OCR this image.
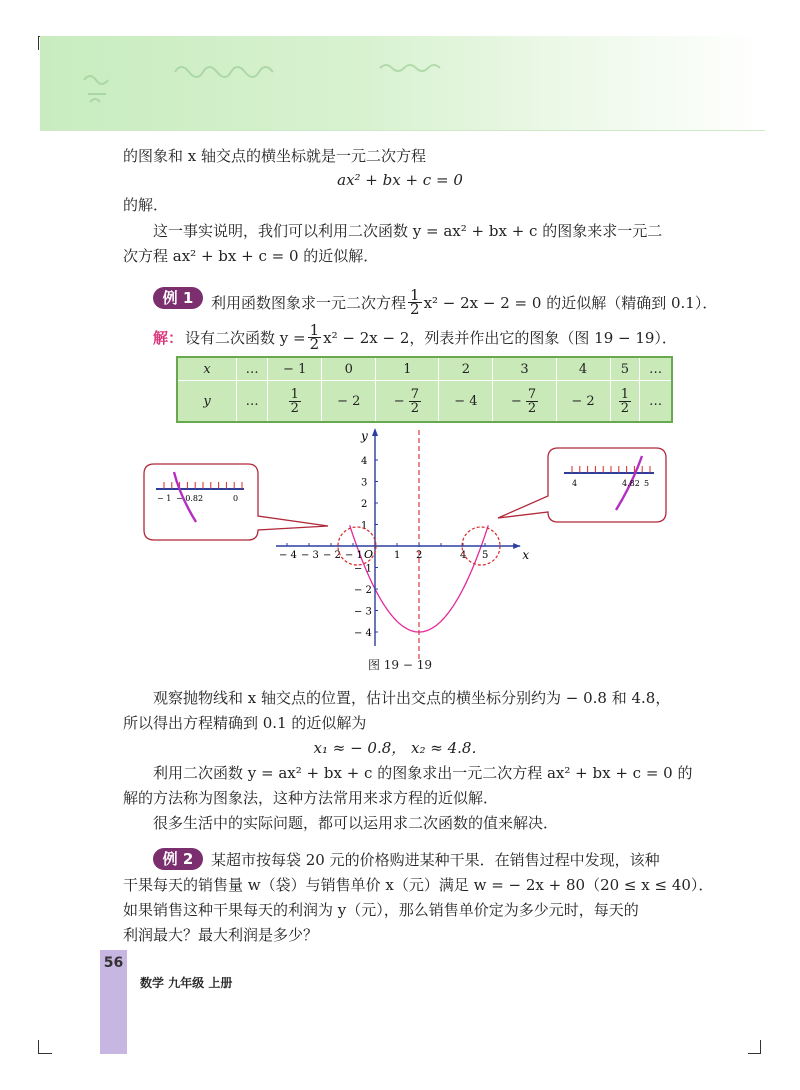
的图象和 x 轴交点的横坐标就是一元二次方程
ax² + bx + c = 0
的解．
这一事实说明，我们可以利用二次函数 y = ax² + bx + c 的图象来求一元二
次方程 ax² + bx + c = 0 的近似解．
例 1	利用函数图象求一元二次方程 $\frac{1}{2} x^2 - 2x - 2 = 0$ 的近似解（精确到 0.1）．
解： 设有二次函数 $y = \frac{1}{2} x^2 - 2x - 2$，列表并作出它的图象（图 19 − 19）．
x	…	− 1	0	1	2	3	4	5	…
y	…	$\frac{1}{2}$	− 2	− $\frac{7}{2}$	− 4	− $\frac{7}{2}$	− 2	$\frac{1}{2}$	…
x
y
O
− 4 − 3 − 2 − 1	1 2	4 5
4
3
2
1
− 1
− 2
− 3
− 4
− 1 − 0.82	0
4	4.82 5
图 19 − 19
观察抛物线和 x 轴交点的位置，估计出交点的横坐标分别约为 − 0.8 和 4.8，
所以得出方程精确到 0.1 的近似解为
x₁ ≈ − 0.8， x₂ ≈ 4.8．
利用二次函数 y = ax² + bx + c 的图象求出一元二次方程 ax² + bx + c = 0 的
解的方法称为图象法，这种方法常用来求方程的近似解．
很多生活中的实际问题，都可以运用求二次函数的值来解决．
例 2	某超市按每袋 20 元的价格购进某种干果．在销售过程中发现，该种
干果每天的销售量 w（袋）与销售单价 x（元）满足 w = − 2x + 80（20 ≤ x ≤ 40）．
如果销售这种干果每天的利润为 y（元），那么销售单价定为多少元时，每天的
利润最大？最大利润是多少？
56
数学 九年级 上册
